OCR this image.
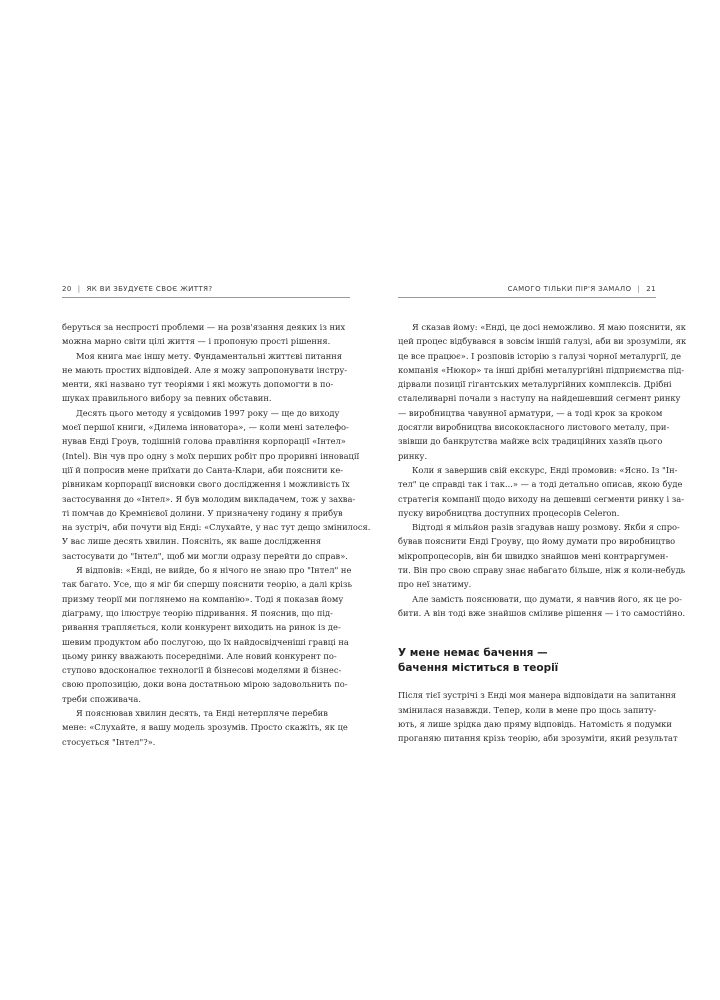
20 | ЯК ВИ ЗБУДУЄТЕ СВОЄ ЖИТТЯ?
беруться за неспрості проблеми — на розв'язання деяких із них
можна марно світи цілі життя — і пропоную прості рішення.
Моя книга має іншу мету. Фундаментальні життєві питання
не мають простих відповідей. Але я можу запропонувати інстру-
менти, які названо тут теоріями і які можуть допомогти в по-
шуках правильного вибору за певних обставин.
Десять цього методу я усвідомив 1997 року — ще до виходу
моєї першої книги, «Дилема інноватора», — коли мені зателефо-
нував Енді Гроув, тодішній голова правління корпорації «Інтел»
(Intel). Він чув про одну з моїх перших робіт про проривні інновації
ції й попросив мене приїхати до Санта-Клари, аби пояснити ке-
рівникам корпорації висновки свого дослідження і можливість їх
застосування до «Інтел». Я був молодим викладачем, тож у захва-
ті помчав до Кремнієвої долини. У призначену годину я прибув
на зустріч, аби почути від Енді: «Слухайте, у нас тут дещо змінилося.
У вас лише десять хвилин. Поясніть, як ваше дослідження
застосувати до "Інтел", щоб ми могли одразу перейти до справ».
Я відповів: «Енді, не вийде, бо я нічого не знаю про "Інтел" не
так багато. Усе, що я міг би спершу пояснити теорію, а далі крізь
призму теорії ми поглянемо на компанію». Тоді я показав йому
діаграму, що ілюструє теорію підривання. Я пояснив, що під-
ривання трапляється, коли конкурент виходить на ринок із де-
шевим продуктом або послугою, що їх найдосвідченіші гравці на
цьому ринку вважають посередніми. Але новий конкурент по-
ступово вдосконалює технології й бізнесові моделями й бізнес-
свою пропозицію, доки вона достатньою мірою задовольнить по-
треби споживача.
Я пояснював хвилин десять, та Енді нетерпляче перебив
мене: «Слухайте, я вашу модель зрозумів. Просто скажіть, як це
стосується "Інтел"?».
САМОГО ТІЛЬКИ ПІР'Я ЗАМАЛО | 21
Я сказав йому: «Енді, це досі неможливо. Я маю пояснити, як
цей процес відбувався в зовсім іншій галузі, аби ви зрозуміли, як
це все працює». І розповів історію з галузі чорної металургії, де
компанія «Нюкор» та інші дрібні металургійні підприємства під-
дірвали позиції гігантських металургійних комплексів. Дрібні
сталеливарні почали з наступу на найдешевший сегмент ринку
— виробництва чавунної арматури, — а тоді крок за кроком
досягли виробництва висококласного листового металу, при-
звівши до банкрутства майже всіх традиційних хазяїв цього
ринку.
Коли я завершив свій екскурс, Енді промовив: «Ясно. Із "Ін-
тел" це справді так і так...» — а тоді детально описав, якою буде
стратегія компанії щодо виходу на дешевші сегменти ринку і за-
пуску виробництва доступних процесорів Celeron.
Відтоді я мільйон разів згадував нашу розмову. Якби я спро-
бував пояснити Енді Гроуву, що йому думати про виробництво
мікропроцесорів, він би швидко знайшов мені контраргумен-
ти. Він про свою справу знає набагато більше, ніж я коли-небудь
про неї знатиму.
Але замість пояснювати, що думати, я навчив його, як це ро-
бити. А він тоді вже знайшов сміливе рішення — і то самостійно.
У мене немає бачення —
бачення міститься в теорії
Після тієї зустрічі з Енді моя манера відповідати на запитання
змінилася назавжди. Тепер, коли в мене про щось запиту-
ють, я лише зрідка даю пряму відповідь. Натомість я подумки
проганяю питання крізь теорію, аби зрозуміти, який результат
